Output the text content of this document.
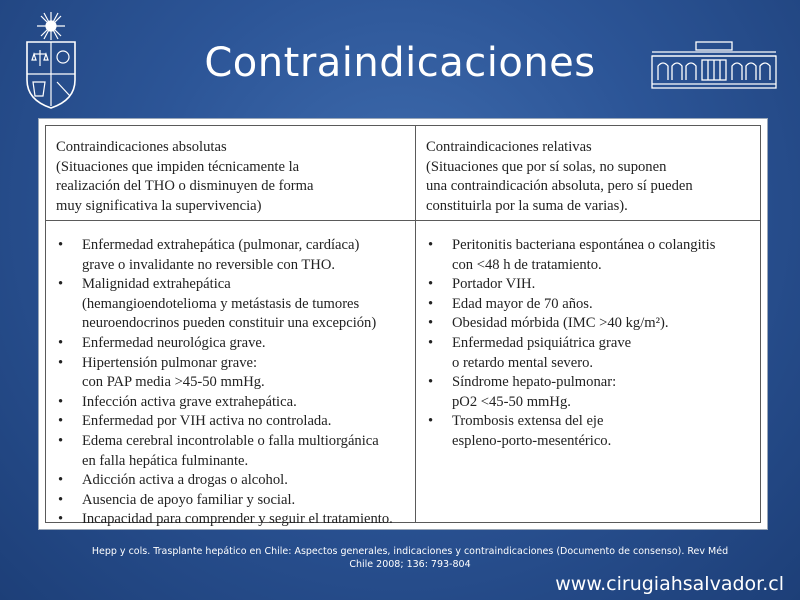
Contraindicaciones
Contraindicaciones absolutas
(Situaciones que impiden técnicamente la
realización del THO o disminuyen de forma
muy significativa la supervivencia)
Contraindicaciones relativas
(Situaciones que por sí solas, no suponen
una contraindicación absoluta, pero sí pueden
constituirla por la suma de varias).
• Enfermedad extrahepática (pulmonar, cardíaca)
grave o invalidante no reversible con THO.
• Malignidad extrahepática
(hemangioendotelioma y metástasis de tumores
neuroendocrinos pueden constituir una excepción)
• Enfermedad neurológica grave.
• Hipertensión pulmonar grave:
con PAP media >45-50 mmHg.
• Infección activa grave extrahepática.
• Enfermedad por VIH activa no controlada.
• Edema cerebral incontrolable o falla multiorgánica
en falla hepática fulminante.
• Adicción activa a drogas o alcohol.
• Ausencia de apoyo familiar y social.
• Incapacidad para comprender y seguir el tratamiento.
• Peritonitis bacteriana espontánea o colangitis
con <48 h de tratamiento.
• Portador VIH.
• Edad mayor de 70 años.
• Obesidad mórbida (IMC >40 kg/m²).
• Enfermedad psiquiátrica grave
o retardo mental severo.
• Síndrome hepato-pulmonar:
pO2 <45-50 mmHg.
• Trombosis extensa del eje
espleno-porto-mesentérico.
Hepp y cols. Trasplante hepático en Chile: Aspectos generales, indicaciones y contraindicaciones (Documento de consenso). Rev Méd
Chile 2008; 136: 793-804
www.cirugiahsalvador.cl
